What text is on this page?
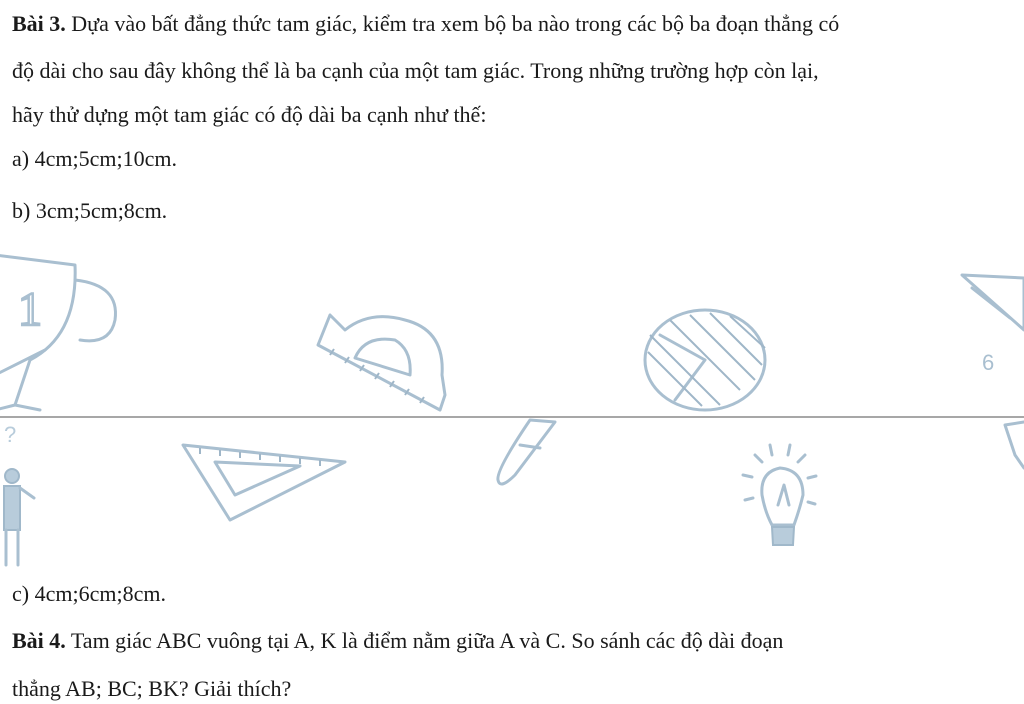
Bài 3. Dựa vào bất đẳng thức tam giác, kiểm tra xem bộ ba nào trong các bộ ba đoạn thẳng có
độ dài cho sau đây không thể là ba cạnh của một tam giác. Trong những trường hợp còn lại,
hãy thử dựng một tam giác có độ dài ba cạnh như thế:
a) 4cm;5cm;10cm.
b) 3cm;5cm;8cm.
1
6
?
c) 4cm;6cm;8cm.
Bài 4. Tam giác ABC vuông tại A, K là điểm nằm giữa A và C. So sánh các độ dài đoạn
thẳng AB; BC; BK? Giải thích?
